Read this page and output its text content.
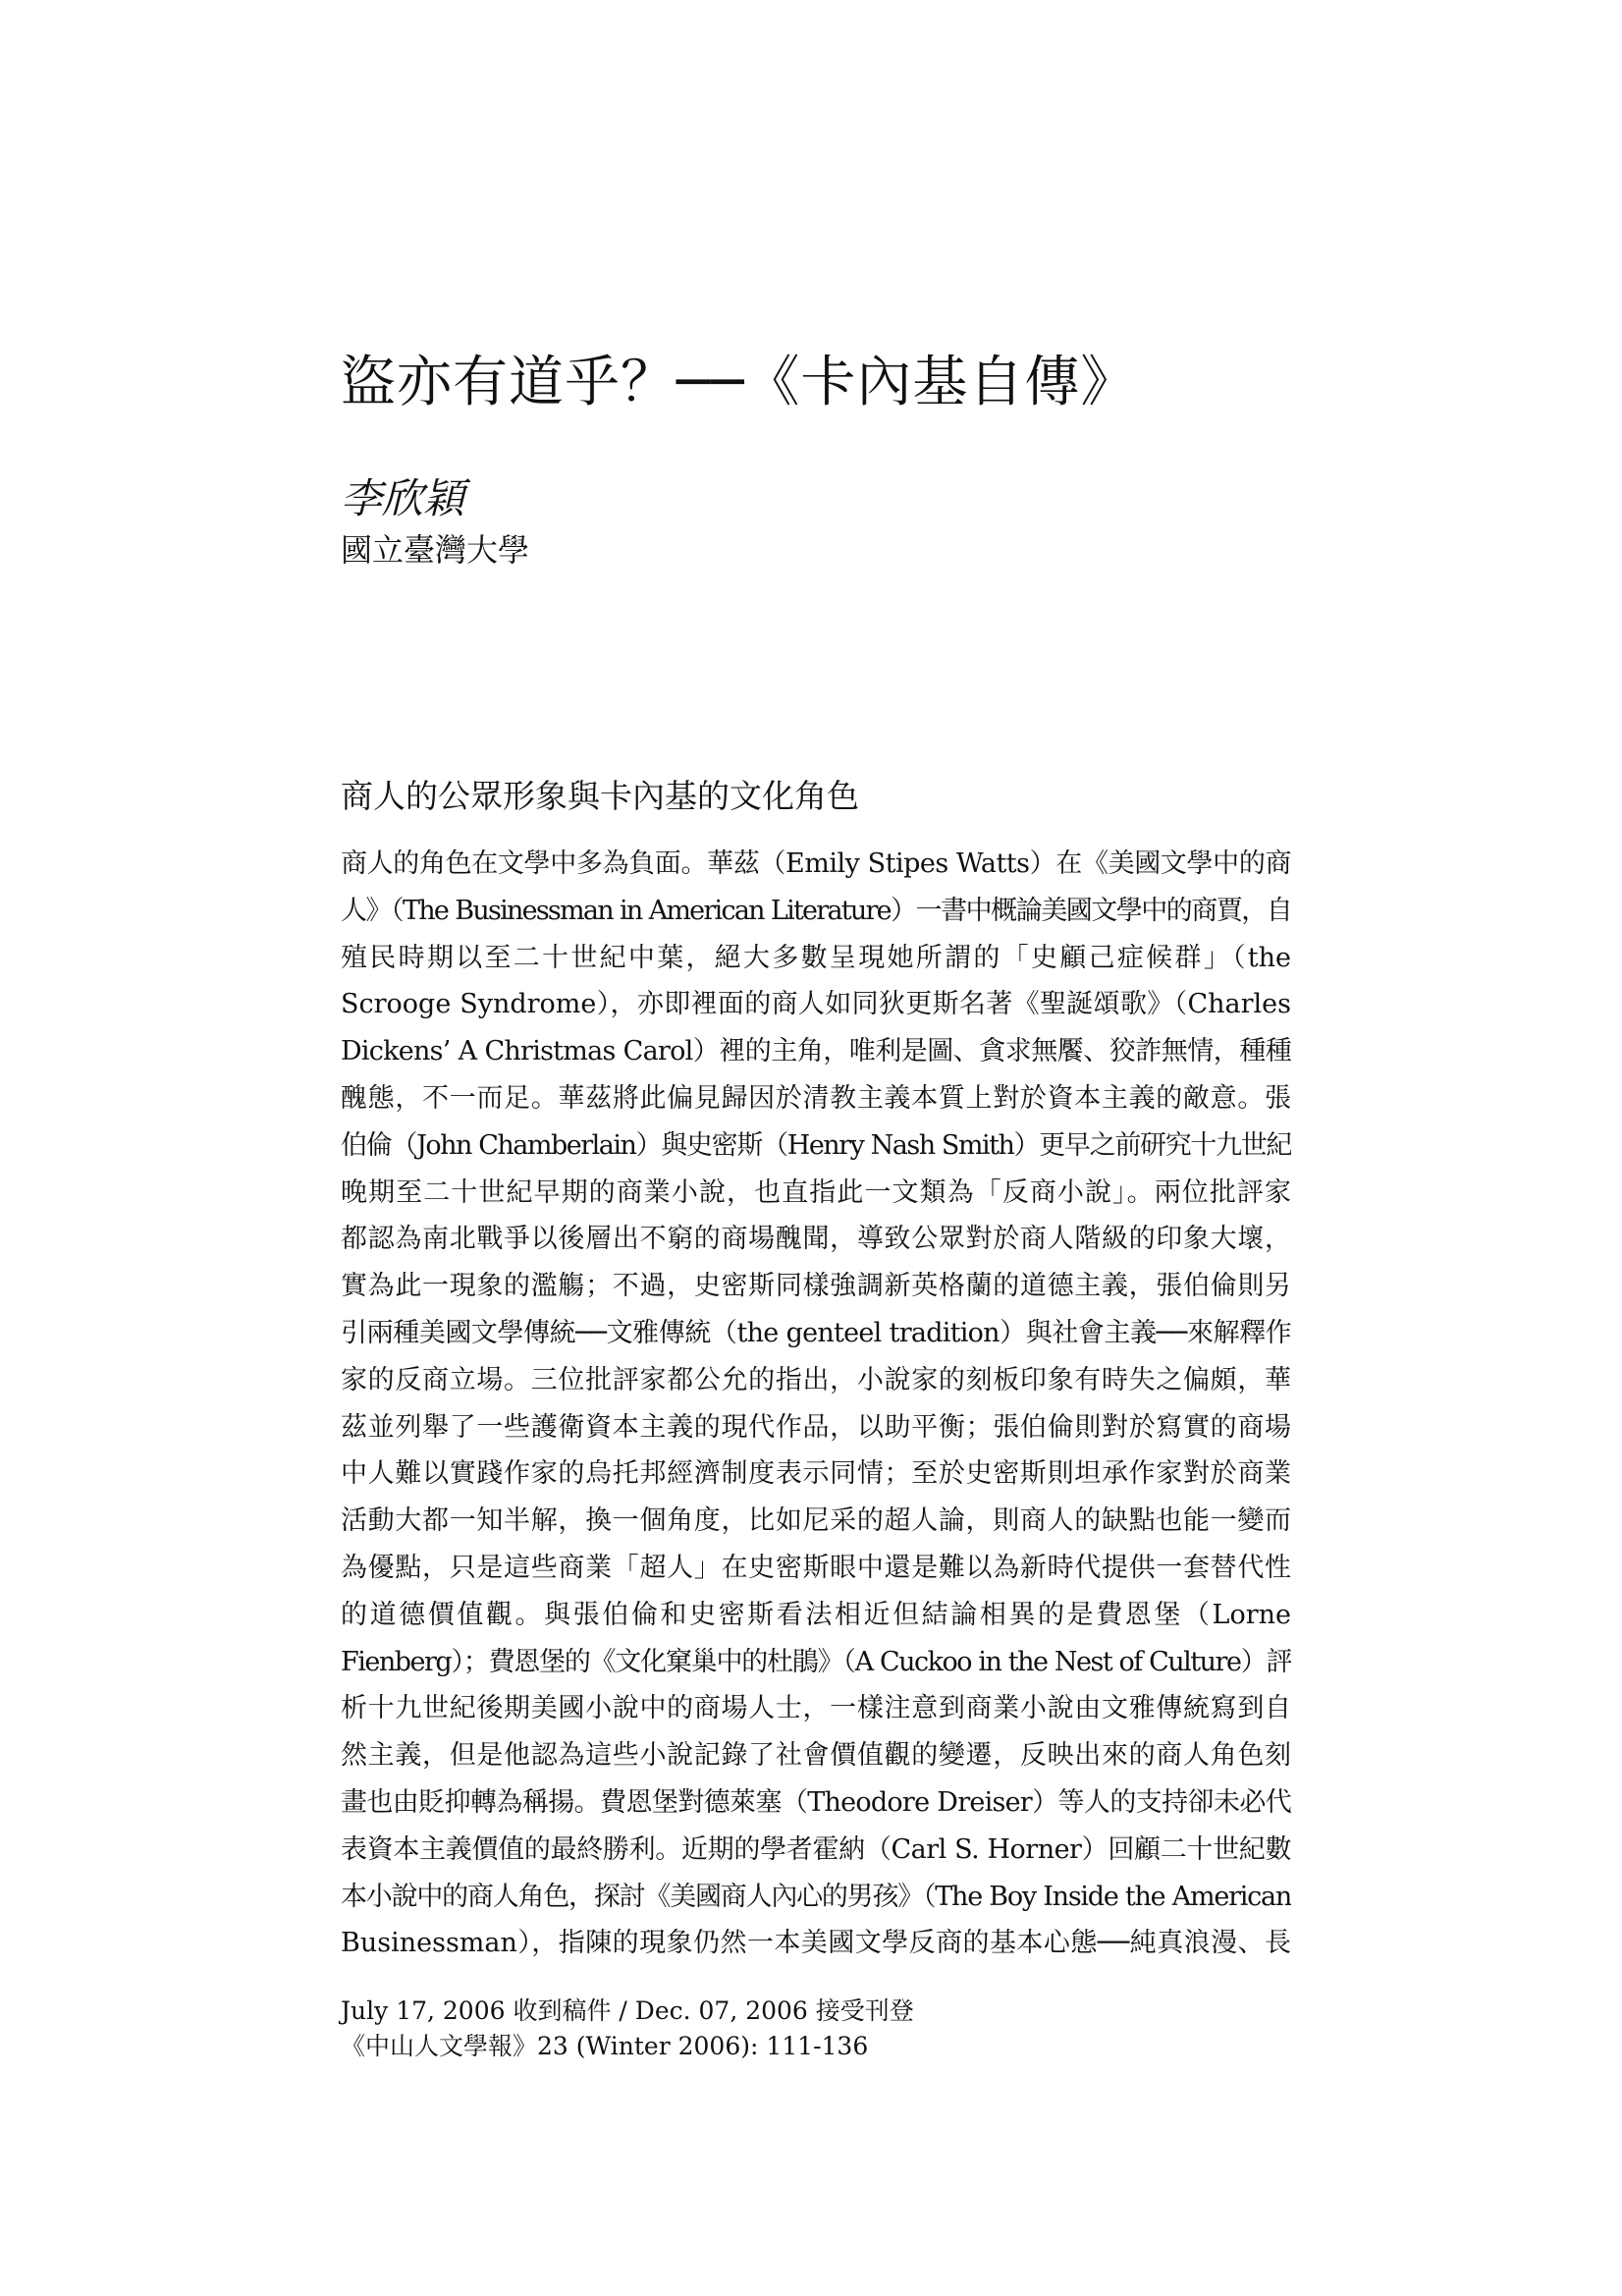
盜亦有道乎？──《卡內基自傳》
李欣穎
國立臺灣大學
商人的公眾形象與卡內基的文化角色
商人的角色在文學中多為負面。華茲（Emily Stipes Watts）在《美國文學中的商
人》（The Businessman in American Literature）一書中概論美國文學中的商賈，自
殖民時期以至二十世紀中葉，絕大多數呈現她所謂的「史顧己症候群」（the
Scrooge Syndrome），亦即裡面的商人如同狄更斯名著《聖誕頌歌》（Charles
Dickens’ A Christmas Carol）裡的主角，唯利是圖、貪求無饜、狡詐無情，種種
醜態，不一而足。華茲將此偏見歸因於清教主義本質上對於資本主義的敵意。張
伯倫（John Chamberlain）與史密斯（Henry Nash Smith）更早之前研究十九世紀
晚期至二十世紀早期的商業小說，也直指此一文類為「反商小說」。兩位批評家
都認為南北戰爭以後層出不窮的商場醜聞，導致公眾對於商人階級的印象大壞，
實為此一現象的濫觴；不過，史密斯同樣強調新英格蘭的道德主義，張伯倫則另
引兩種美國文學傳統──文雅傳統（the genteel tradition）與社會主義──來解釋作
家的反商立場。三位批評家都公允的指出，小說家的刻板印象有時失之偏頗，華
茲並列舉了一些護衛資本主義的現代作品，以助平衡；張伯倫則對於寫實的商場
中人難以實踐作家的烏托邦經濟制度表示同情；至於史密斯則坦承作家對於商業
活動大都一知半解，換一個角度，比如尼采的超人論，則商人的缺點也能一變而
為優點，只是這些商業「超人」在史密斯眼中還是難以為新時代提供一套替代性
的道德價值觀。與張伯倫和史密斯看法相近但結論相異的是費恩堡（Lorne
Fienberg）；費恩堡的《文化窠巢中的杜鵑》（A Cuckoo in the Nest of Culture）評
析十九世紀後期美國小說中的商場人士，一樣注意到商業小說由文雅傳統寫到自
然主義，但是他認為這些小說記錄了社會價值觀的變遷，反映出來的商人角色刻
畫也由貶抑轉為稱揚。費恩堡對德萊塞（Theodore Dreiser）等人的支持卻未必代
表資本主義價值的最終勝利。近期的學者霍納（Carl S. Horner）回顧二十世紀數
本小說中的商人角色，探討《美國商人內心的男孩》（The Boy Inside the American
Businessman），指陳的現象仍然一本美國文學反商的基本心態──純真浪漫、長
July 17, 2006 收到稿件 / Dec. 07, 2006 接受刊登
《中山人文學報》23 (Winter 2006): 111-136
